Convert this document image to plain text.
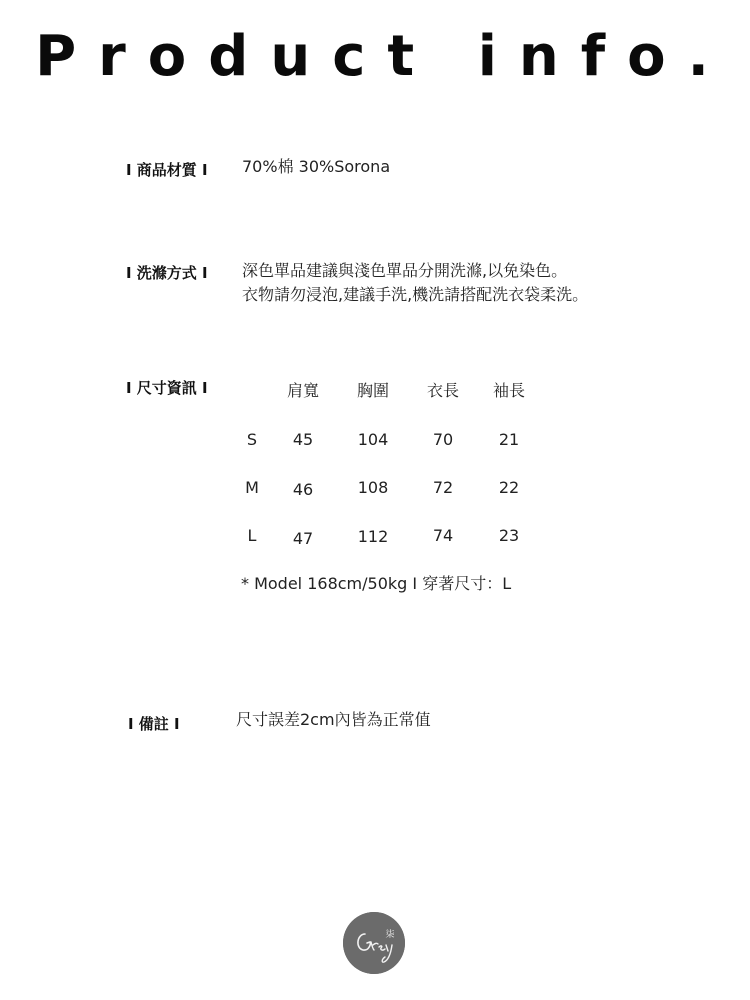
Product info.
I 商品材質 I 70%棉 30%Sorona
I 洗滌方式 I 深色單品建議與淺色單品分開洗滌,以免染色。
衣物請勿浸泡,建議手洗,機洗請搭配洗衣袋柔洗。
I 尺寸資訊 I	肩寬	胸圍	衣長	袖長
S	45	104	70	21
M	46	108	72	22
L	47	112	74	23
* Model 168cm/50kg I 穿著尺寸：L
I 備註 I	尺寸誤差2cm內皆為正常值
柒
